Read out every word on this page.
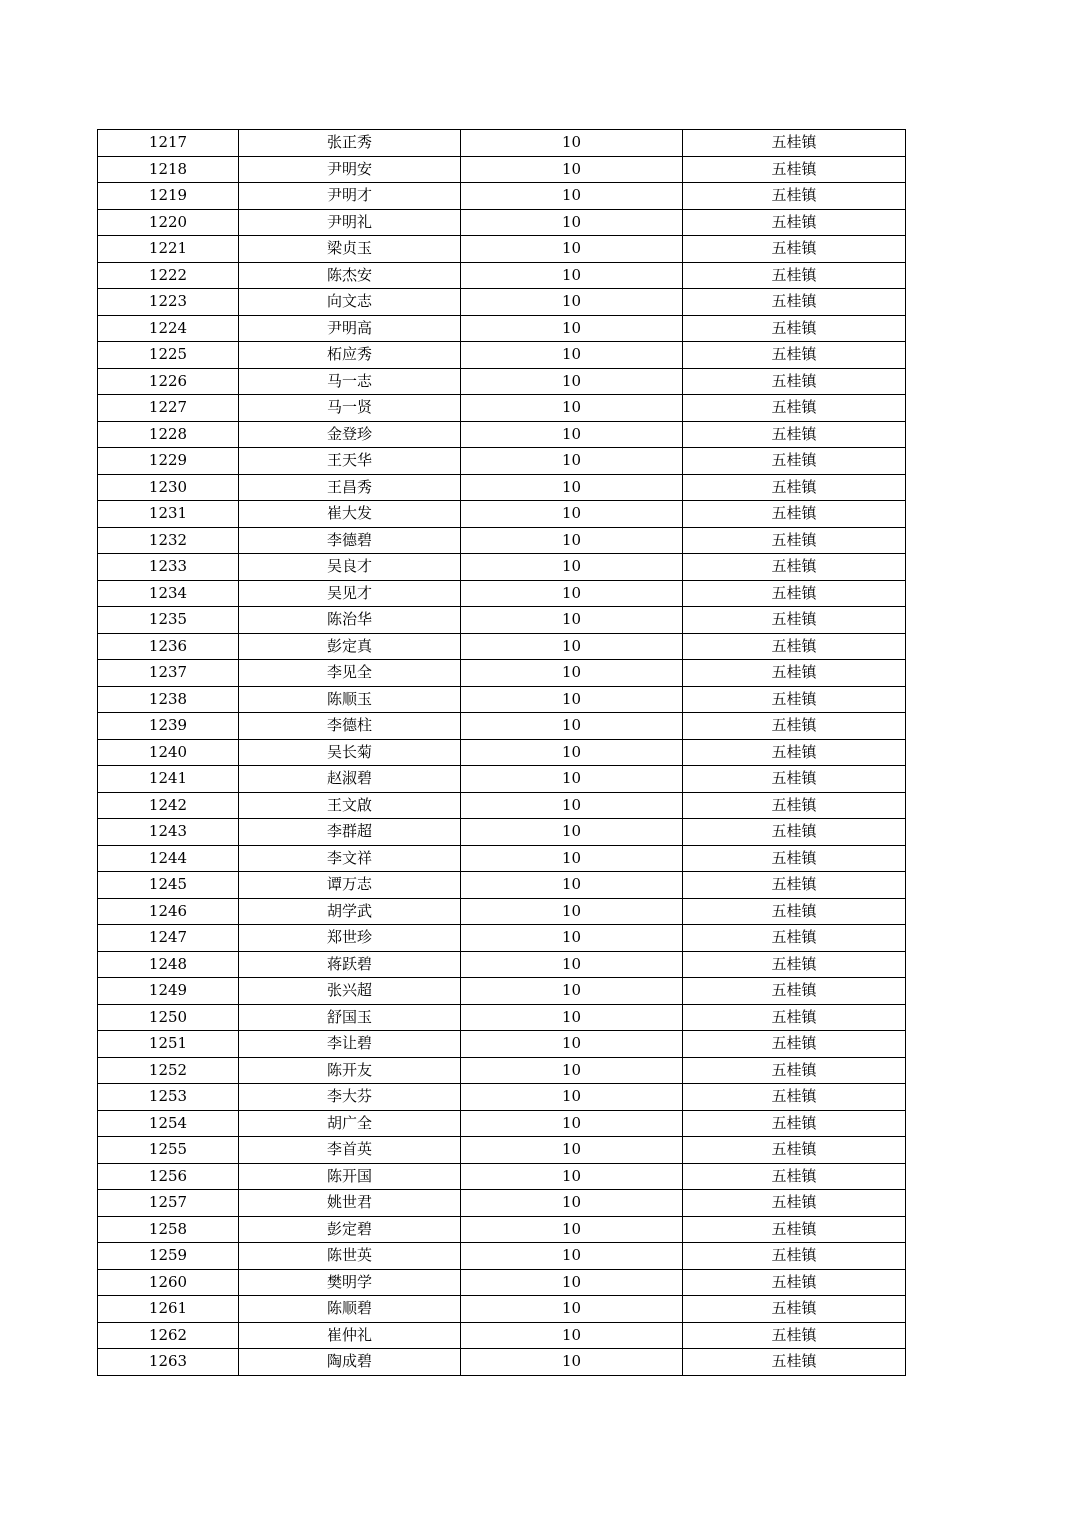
1217	张正秀	10	五桂镇
1218	尹明安	10	五桂镇
1219	尹明才	10	五桂镇
1220	尹明礼	10	五桂镇
1221	梁贞玉	10	五桂镇
1222	陈杰安	10	五桂镇
1223	向文志	10	五桂镇
1224	尹明高	10	五桂镇
1225	柘应秀	10	五桂镇
1226	马一志	10	五桂镇
1227	马一贤	10	五桂镇
1228	金登珍	10	五桂镇
1229	王天华	10	五桂镇
1230	王昌秀	10	五桂镇
1231	崔大发	10	五桂镇
1232	李德碧	10	五桂镇
1233	吴良才	10	五桂镇
1234	吴见才	10	五桂镇
1235	陈治华	10	五桂镇
1236	彭定真	10	五桂镇
1237	李见全	10	五桂镇
1238	陈顺玉	10	五桂镇
1239	李德柱	10	五桂镇
1240	吴长菊	10	五桂镇
1241	赵淑碧	10	五桂镇
1242	王文啟	10	五桂镇
1243	李群超	10	五桂镇
1244	李文祥	10	五桂镇
1245	谭万志	10	五桂镇
1246	胡学武	10	五桂镇
1247	郑世珍	10	五桂镇
1248	蒋跃碧	10	五桂镇
1249	张兴超	10	五桂镇
1250	舒国玉	10	五桂镇
1251	李让碧	10	五桂镇
1252	陈开友	10	五桂镇
1253	李大芬	10	五桂镇
1254	胡广全	10	五桂镇
1255	李首英	10	五桂镇
1256	陈开国	10	五桂镇
1257	姚世君	10	五桂镇
1258	彭定碧	10	五桂镇
1259	陈世英	10	五桂镇
1260	樊明学	10	五桂镇
1261	陈顺碧	10	五桂镇
1262	崔仲礼	10	五桂镇
1263	陶成碧	10	五桂镇
